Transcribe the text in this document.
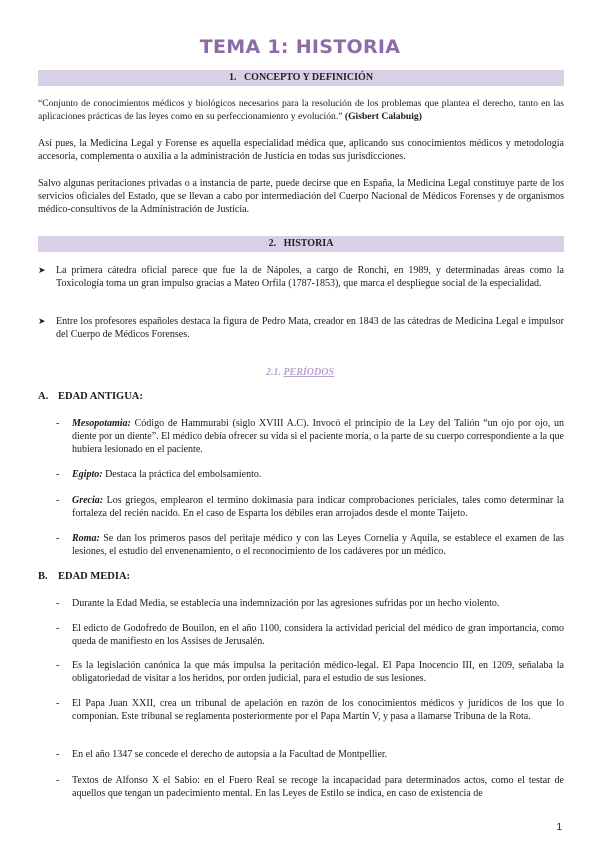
TEMA 1: HISTORIA
1.   CONCEPTO Y DEFINICIÓN

“Conjunto de conocimientos médicos y biológicos necesarios para la resolución de los problemas que plantea el derecho, tanto en las aplicaciones prácticas de las leyes como en su perfeccionamiento y evolución.” (Gisbert Calabuig)

Así pues, la Medicina Legal y Forense es aquella especialidad médica que, aplicando sus conocimientos médicos y metodología accesoria, complementa o auxilia a la administración de Justicia en todas sus jurisdicciones.

Salvo algunas peritaciones privadas o a instancia de parte, puede decirse que en España, la Medicina Legal constituye parte de los servicios oficiales del Estado, que se llevan a cabo por intermediación del Cuerpo Nacional de Médicos Forenses y de organismos médico-consultivos de la Administración de Justicia.

2.   HISTORIA
➤ La primera cátedra oficial parece que fue la de Nápoles, a cargo de Ronchi, en 1989, y determinadas áreas como la Toxicología toma un gran impulso gracias a Mateo Orfila (1787-1853), que marca el despliegue social de la especialidad.
➤ Entre los profesores españoles destaca la figura de Pedro Mata, creador en 1843 de las cátedras de Medicina Legal e impulsor del Cuerpo de Médicos Forenses.
2.1. PERÍODOS
A. EDAD ANTIGUA:
- Mesopotamia: Código de Hammurabi (siglo XVIII A.C). Invocó el principio de la Ley del Talión “un ojo por ojo, un diente por un diente”. El médico debía ofrecer su vida si el paciente moría, o la parte de su cuerpo correspondiente a la que hubiera lesionado en el paciente.
- Egipto: Destaca la práctica del embolsamiento.
- Grecia: Los griegos, emplearon el termino dokimasia para indicar comprobaciones periciales, tales como determinar la fortaleza del recién nacido. En el caso de Esparta los débiles eran arrojados desde el monte Taijeto.
- Roma: Se dan los primeros pasos del peritaje médico y con las Leyes Cornelia y Aquila, se establece el examen de las lesiones, el estudio del envenenamiento, o el reconocimiento de los cadáveres por un médico.
B. EDAD MEDIA:
- Durante la Edad Media, se establecía una indemnización por las agresiones sufridas por un hecho violento.
- El edicto de Godofredo de Bouilon, en el año 1100, considera la actividad pericial del médico de gran importancia, como queda de manifiesto en los Assises de Jerusalén.
- Es la legislación canónica la que más impulsa la peritación médico-legal. El Papa Inocencio III, en 1209, señalaba la obligatoriedad de visitar a los heridos, por orden judicial, para el estudio de sus lesiones.
- El Papa Juan XXII, crea un tribunal de apelación en razón de los conocimientos médicos y jurídicos de los que lo componían. Este tribunal se reglamenta posteriormente por el Papa Martín V, y pasa a llamarse Tribuna de la Rota.
- En el año 1347 se concede el derecho de autopsia a la Facultad de Montpellier.
- Textos de Alfonso X el Sabio: en el Fuero Real se recoge la incapacidad para determinados actos, como el testar de aquellos que tengan un padecimiento mental. En las Leyes de Estilo se indica, en caso de existencia de
1
